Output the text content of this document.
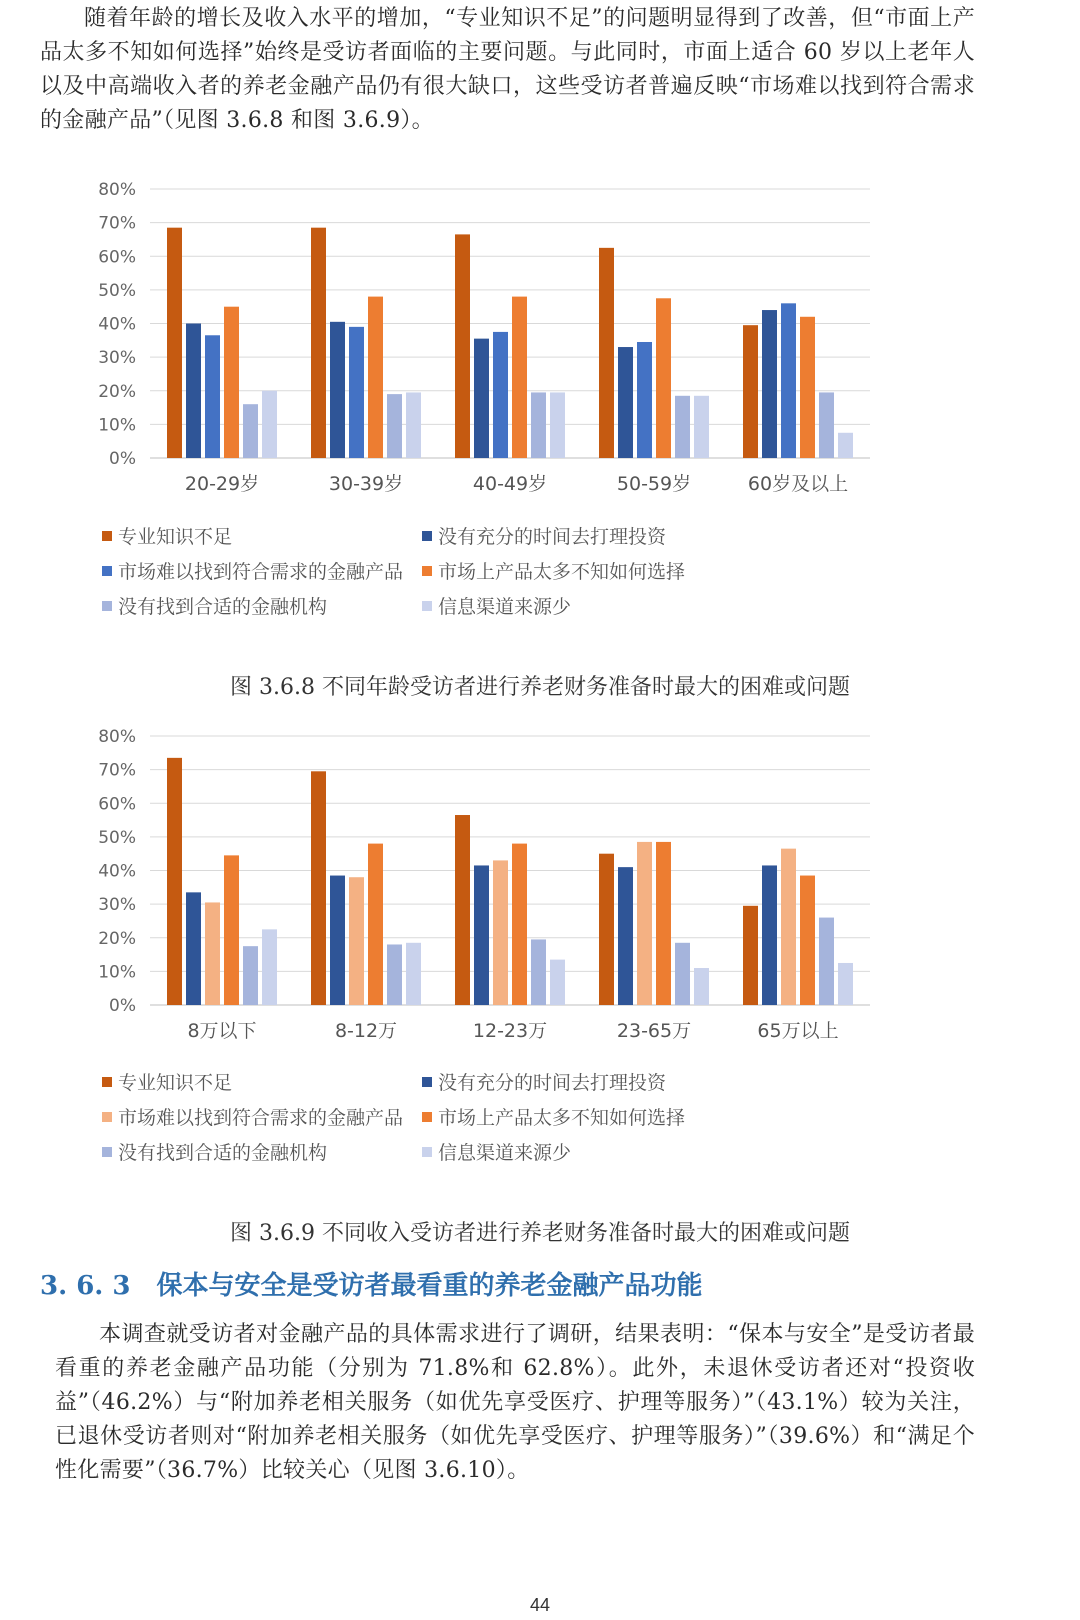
随着年龄的增长及收入水平的增加，“专业知识不足”的问题明显得到了改善，但“市面上产品太多不知如何选择”始终是受访者面临的主要问题。与此同时，市面上适合 60 岁以上老年人以及中高端收入者的养老金融产品仍有很大缺口，这些受访者普遍反映“市场难以找到符合需求的金融产品”（见图 3.6.8 和图 3.6.9）。

0%
10%
20%
30%
40%
50%
60%
70%
80%
20-29岁	30-39岁	40-49岁	50-59岁	60岁及以上
专业知识不足	没有充分的时间去打理投资
市场难以找到符合需求的金融产品 市场上产品太多不知如何选择
没有找到合适的金融机构	信息渠道来源少
图 3.6.8 不同年龄受访者进行养老财务准备时最大的困难或问题
0%
10%
20%
30%
40%
50%
60%
70%
80%
8万以下	8-12万	12-23万	23-65万	65万以上
专业知识不足	没有充分的时间去打理投资
市场难以找到符合需求的金融产品 市场上产品太多不知如何选择
没有找到合适的金融机构	信息渠道来源少
图 3.6.9 不同收入受访者进行养老财务准备时最大的困难或问题
3. 6. 3 保本与安全是受访者最看重的养老金融产品功能

本调查就受访者对金融产品的具体需求进行了调研，结果表明：“保本与安全”是受访者最看重的养老金融产品功能（分别为 71.8%和 62.8%）。此外，未退休受访者还对“投资收益”（46.2%）与“附加养老相关服务（如优先享受医疗、护理等服务）”（43.1%）较为关注，已退休受访者则对“附加养老相关服务（如优先享受医疗、护理等服务）”（39.6%）和“满足个性化需要”（36.7%）比较关心（见图 3.6.10）。

44
